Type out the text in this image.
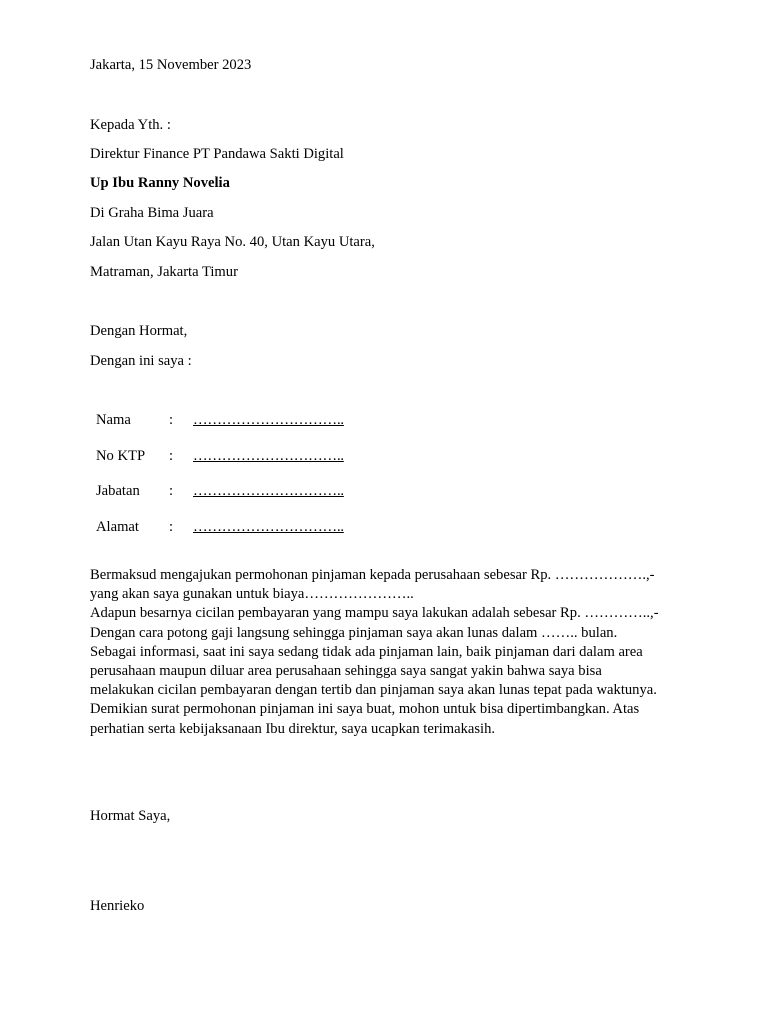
Jakarta, 15 November 2023
Kepada Yth. :
Direktur Finance PT Pandawa Sakti Digital
Up Ibu Ranny Novelia
Di Graha Bima Juara
Jalan Utan Kayu Raya No. 40, Utan Kayu Utara,
Matraman, Jakarta Timur
Dengan Hormat,
Dengan ini saya :
Nama	: …………………………..
No KTP : …………………………..
Jabatan : …………………………..
Alamat : …………………………..
Bermaksud mengajukan permohonan pinjaman kepada perusahaan sebesar Rp. ……………….,-
yang akan saya gunakan untuk biaya…………………..
Adapun besarnya cicilan pembayaran yang mampu saya lakukan adalah sebesar Rp. …………..,-
Dengan cara potong gaji langsung sehingga pinjaman saya akan lunas dalam …….. bulan.
Sebagai informasi, saat ini saya sedang tidak ada pinjaman lain, baik pinjaman dari dalam area
perusahaan maupun diluar area perusahaan sehingga saya sangat yakin bahwa saya bisa
melakukan cicilan pembayaran dengan tertib dan pinjaman saya akan lunas tepat pada waktunya.
Demikian surat permohonan pinjaman ini saya buat, mohon untuk bisa dipertimbangkan. Atas
perhatian serta kebijaksanaan Ibu direktur, saya ucapkan terimakasih.
Hormat Saya,
Henrieko
